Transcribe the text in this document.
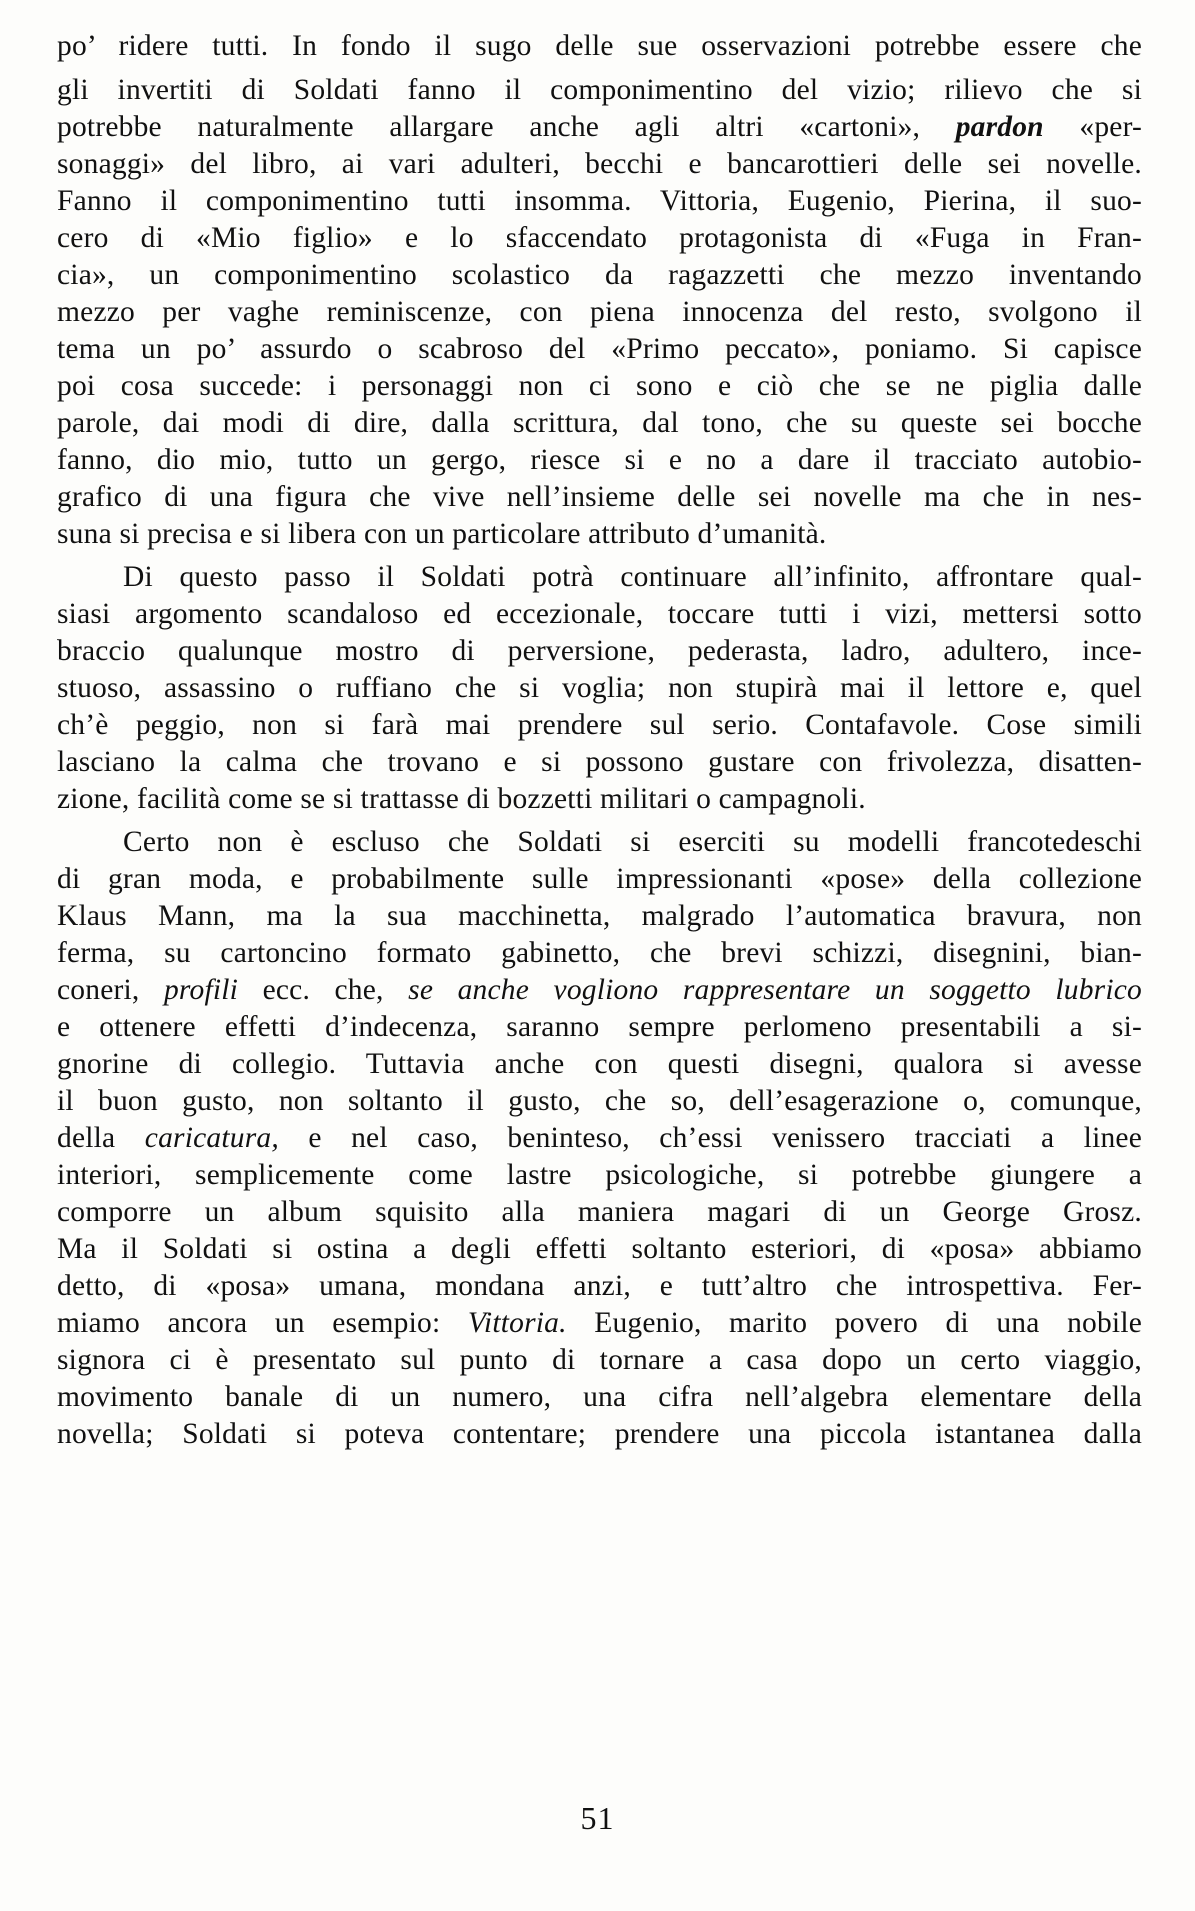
po’ ridere tutti. In fondo il sugo delle sue osservazioni potrebbe essere che
gli invertiti di Soldati fanno il componimentino del vizio; rilievo che si
potrebbe naturalmente allargare anche agli altri «cartoni», pardon «per-
sonaggi» del libro, ai vari adulteri, becchi e bancarottieri delle sei novelle.
Fanno il componimentino tutti insomma. Vittoria, Eugenio, Pierina, il suo-
cero di «Mio figlio» e lo sfaccendato protagonista di «Fuga in Fran-
cia», un componimentino scolastico da ragazzetti che mezzo inventando
mezzo per vaghe reminiscenze, con piena innocenza del resto, svolgono il
tema un po’ assurdo o scabroso del «Primo peccato», poniamo. Si capisce
poi cosa succede: i personaggi non ci sono e ciò che se ne piglia dalle
parole, dai modi di dire, dalla scrittura, dal tono, che su queste sei bocche
fanno, dio mio, tutto un gergo, riesce si e no a dare il tracciato autobio-
grafico di una figura che vive nell’insieme delle sei novelle ma che in nes-
suna si precisa e si libera con un particolare attributo d’umanità.
Di questo passo il Soldati potrà continuare all’infinito, affrontare qual-
siasi argomento scandaloso ed eccezionale, toccare tutti i vizi, mettersi sotto
braccio qualunque mostro di perversione, pederasta, ladro, adultero, ince-
stuoso, assassino o ruffiano che si voglia; non stupirà mai il lettore e, quel
ch’è peggio, non si farà mai prendere sul serio. Contafavole. Cose simili
lasciano la calma che trovano e si possono gustare con frivolezza, disatten-
zione, facilità come se si trattasse di bozzetti militari o campagnoli.
Certo non è escluso che Soldati si eserciti su modelli francotedeschi
di gran moda, e probabilmente sulle impressionanti «pose» della collezione
Klaus Mann, ma la sua macchinetta, malgrado l’automatica bravura, non
ferma, su cartoncino formato gabinetto, che brevi schizzi, disegnini, bian-
coneri, profili ecc. che, se anche vogliono rappresentare un soggetto lubrico
e ottenere effetti d’indecenza, saranno sempre perlomeno presentabili a si-
gnorine di collegio. Tuttavia anche con questi disegni, qualora si avesse
il buon gusto, non soltanto il gusto, che so, dell’esagerazione o, comunque,
della caricatura, e nel caso, beninteso, ch’essi venissero tracciati a linee
interiori, semplicemente come lastre psicologiche, si potrebbe giungere a
comporre un album squisito alla maniera magari di un George Grosz.
Ma il Soldati si ostina a degli effetti soltanto esteriori, di «posa» abbiamo
detto, di «posa» umana, mondana anzi, e tutt’altro che introspettiva. Fer-
miamo ancora un esempio: Vittoria. Eugenio, marito povero di una nobile
signora ci è presentato sul punto di tornare a casa dopo un certo viaggio,
movimento banale di un numero, una cifra nell’algebra elementare della
novella; Soldati si poteva contentare; prendere una piccola istantanea dalla
51
